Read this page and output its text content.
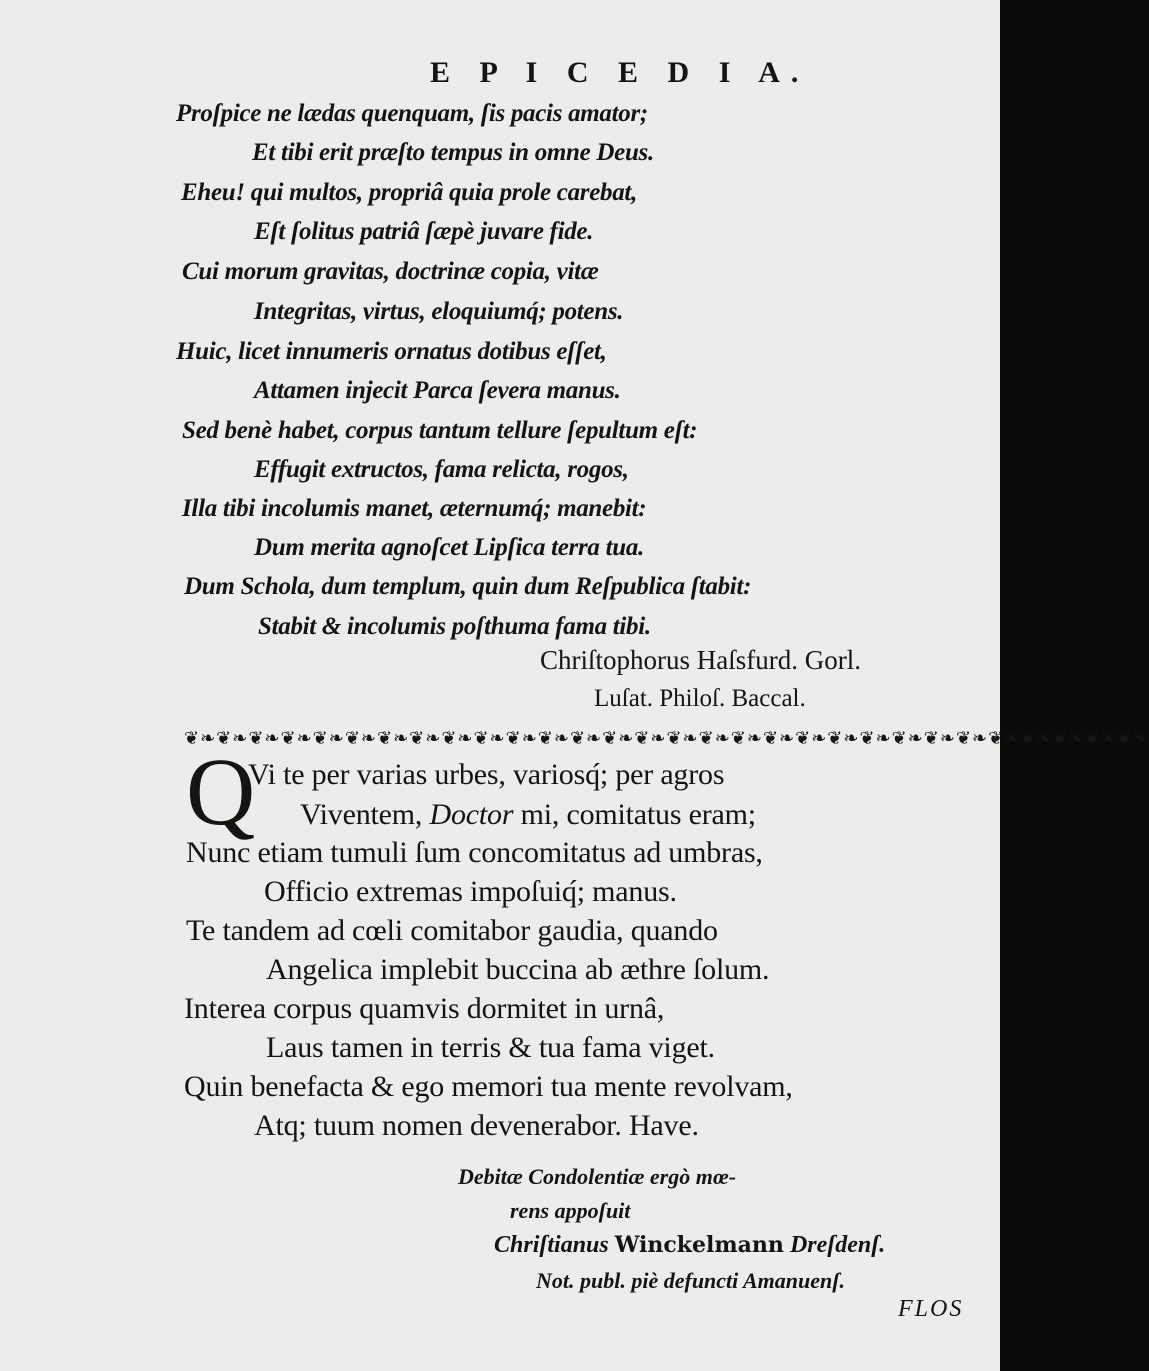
E P I C E D I A.

Proſpice ne lædas quenquam, ſis pacis amator;

Et tibi erit præſto tempus in omne Deus.

Eheu! qui multos, propriâ quia prole carebat,

Eſt ſolitus patriâ ſæpè juvare fide.

Cui morum gravitas, doctrinæ copia, vitæ

Integritas, virtus, eloquiumq́; potens.

Huic, licet innumeris ornatus dotibus eſſet,

Attamen injecit Parca ſevera manus.

Sed benè habet, corpus tantum tellure ſepultum eſt:

Effugit extructos, fama relicta, rogos,

Illa tibi incolumis manet, æternumq́; manebit:

Dum merita agnoſcet Lipſica terra tua.

Dum Schola, dum templum, quin dum Reſpublica ſtabit:

Stabit & incolumis poſthuma fama tibi.

Chriſtophorus Haſsfurd. Gorl.
Luſat. Philoſ. Baccal.
❦❧❦❧❦❧❦❧❦❧❦❧❦❧❦❧❦❧❦❧❦❧❦❧❦❧❦❧❦❧❦❧❦❧❦❧❦❧❦❧❦❧❦❧❦❧❦❧❦❧❦❧❦❧❦❧❦❧❦❧
Q

Vi te per varias urbes, variosq́; per agros

Viventem, Doctor mi, comitatus eram;

Nunc etiam tumuli ſum concomitatus ad umbras,

Officio extremas impoſuiq́; manus.

Te tandem ad cœli comitabor gaudia, quando

Angelica implebit buccina ab æthre ſolum.

Interea corpus quamvis dormitet in urnâ,

Laus tamen in terris & tua fama viget.

Quin benefacta & ego memori tua mente revolvam,

Atq; tuum nomen devenerabor. Have.

Debitæ Condolentiæ ergò mœ-

rens appoſuit

Chriſtianus Winckelmann Dreſdenſ.

Not. publ. piè defuncti Amanuenſ.

FLOS
